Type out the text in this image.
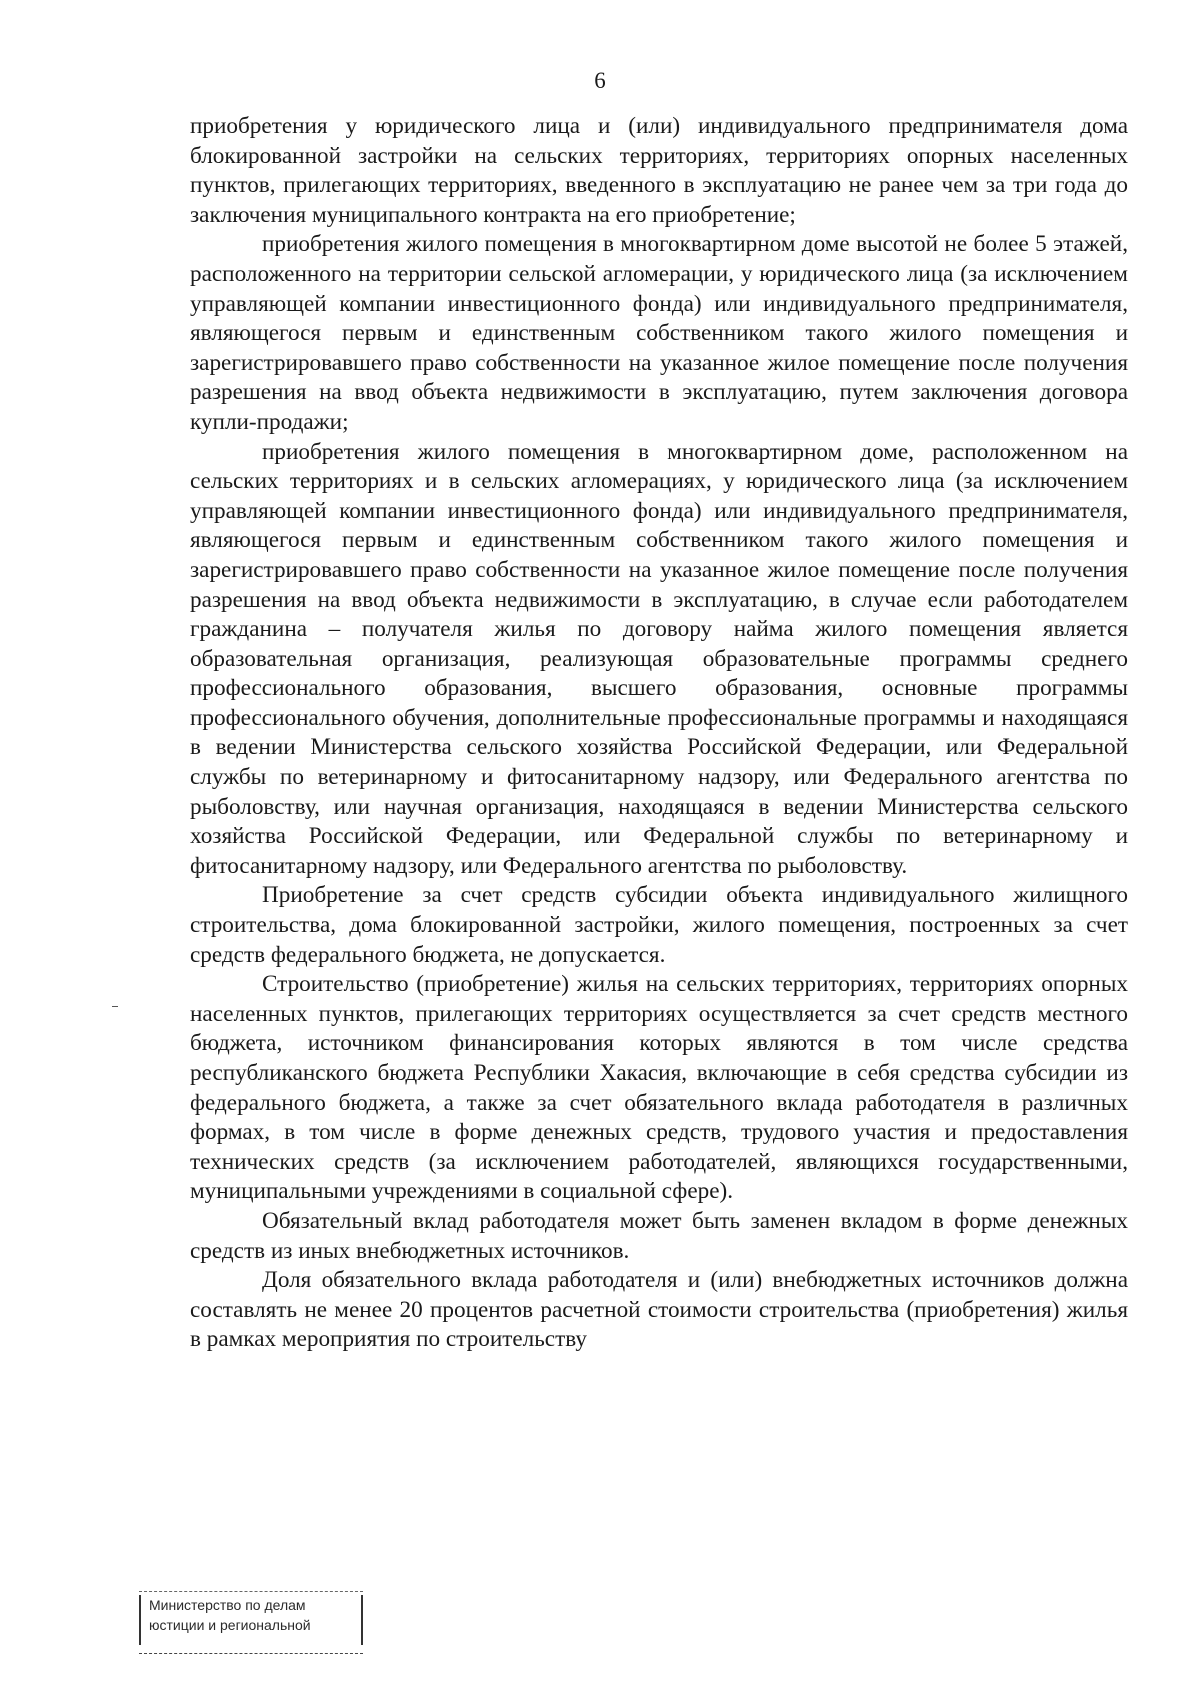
6

приобретения у юридического лица и (или) индивидуального предпринимателя дома блокированной застройки на сельских территориях, территориях опорных населенных пунктов, прилегающих территориях, введенного в эксплуатацию не ранее чем за три года до заключения муниципального контракта на его приобретение;

приобретения жилого помещения в многоквартирном доме высотой не более 5 этажей, расположенного на территории сельской агломерации, у юридического лица (за исключением управляющей компании инвестиционного фонда) или индивидуального предпринимателя, являющегося первым и единственным собственником такого жилого помещения и зарегистрировавшего право собственности на указанное жилое помещение после получения разрешения на ввод объекта недвижимости в эксплуатацию, путем заключения договора купли-продажи;

приобретения жилого помещения в многоквартирном доме, расположенном на сельских территориях и в сельских агломерациях, у юридического лица (за исключением управляющей компании инвестиционного фонда) или индивидуального предпринимателя, являющегося первым и единственным собственником такого жилого помещения и зарегистрировавшего право собственности на указанное жилое помещение после получения разрешения на ввод объекта недвижимости в эксплуатацию, в случае если работодателем гражданина – получателя жилья по договору найма жилого помещения является образовательная организация, реализующая образовательные программы среднего профессионального образования, высшего образования, основные программы профессионального обучения, дополнительные профессиональные программы и находящаяся в ведении Министерства сельского хозяйства Российской Федерации, или Федеральной службы по ветеринарному и фитосанитарному надзору, или Федерального агентства по рыболовству, или научная организация, находящаяся в ведении Министерства сельского хозяйства Российской Федерации, или Федеральной службы по ветеринарному и фитосанитарному надзору, или Федерального агентства по рыболовству.

Приобретение за счет средств субсидии объекта индивидуального жилищного строительства, дома блокированной застройки, жилого помещения, построенных за счет средств федерального бюджета, не допускается.

Строительство (приобретение) жилья на сельских территориях, территориях опорных населенных пунктов, прилегающих территориях осуществляется за счет средств местного бюджета, источником финансирования которых являются в том числе средства республиканского бюджета Республики Хакасия, включающие в себя средства субсидии из федерального бюджета, а также за счет обязательного вклада работодателя в различных формах, в том числе в форме денежных средств, трудового участия и предоставления технических средств (за исключением работодателей, являющихся государственными, муниципальными учреждениями в социальной сфере).

Обязательный вклад работодателя может быть заменен вкладом в форме денежных средств из иных внебюджетных источников.

Доля обязательного вклада работодателя и (или) внебюджетных источников должна составлять не менее 20 процентов расчетной стоимости строительства (приобретения) жилья в рамках мероприятия по строительству

Министерство по делам
юстиции и региональной
